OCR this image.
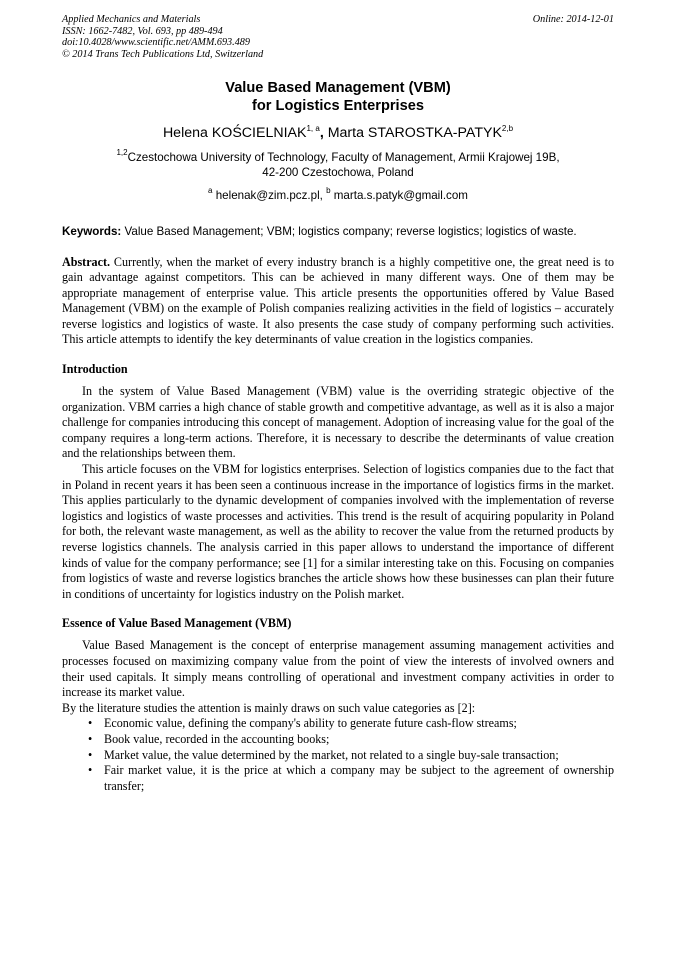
Applied Mechanics and Materials
ISSN: 1662-7482, Vol. 693, pp 489-494
doi:10.4028/www.scientific.net/AMM.693.489
© 2014 Trans Tech Publications Ltd, Switzerland
Online: 2014-12-01
Value Based Management (VBM)
for Logistics Enterprises
Helena KOŚCIELNIAK$^{1, a}$, Marta STAROSTKA-PATYK$^{2,b}$
$^{1,2}$Czestochowa University of Technology, Faculty of Management, Armii Krajowej 19B,
42-200 Czestochowa, Poland
$^a$ helenak@zim.pcz.pl, $^b$ marta.s.patyk@gmail.com
Keywords: Value Based Management; VBM; logistics company; reverse logistics; logistics of waste.
Abstract. Currently, when the market of every industry branch is a highly competitive one, the great need is to gain advantage against competitors. This can be achieved in many different ways. One of them may be appropriate management of enterprise value. This article presents the opportunities offered by Value Based Management (VBM) on the example of Polish companies realizing activities in the field of logistics – accurately reverse logistics and logistics of waste. It also presents the case study of company performing such activities. This article attempts to identify the key determinants of value creation in the logistics companies.
Introduction

In the system of Value Based Management (VBM) value is the overriding strategic objective of the organization. VBM carries a high chance of stable growth and competitive advantage, as well as it is also a major challenge for companies introducing this concept of management. Adoption of increasing value for the goal of the company requires a long-term actions. Therefore, it is necessary to describe the determinants of value creation and the relationships between them.

This article focuses on the VBM for logistics enterprises. Selection of logistics companies due to the fact that in Poland in recent years it has been seen a continuous increase in the importance of logistics firms in the market. This applies particularly to the dynamic development of companies involved with the implementation of reverse logistics and logistics of waste processes and activities. This trend is the result of acquiring popularity in Poland for both, the relevant waste management, as well as the ability to recover the value from the returned products by reverse logistics channels. The analysis carried in this paper allows to understand the importance of different kinds of value for the company performance; see [1] for a similar interesting take on this. Focusing on companies from logistics of waste and reverse logistics branches the article shows how these businesses can plan their future in conditions of uncertainty for logistics industry on the Polish market.

Essence of Value Based Management (VBM)

Value Based Management is the concept of enterprise management assuming management activities and processes focused on maximizing company value from the point of view the interests of involved owners and their used capitals. It simply means controlling of operational and investment company activities in order to increase its market value.

By the literature studies the attention is mainly draws on such value categories as [2]:

• Economic value, defining the company's ability to generate future cash-flow streams;
• Book value, recorded in the accounting books;
• Market value, the value determined by the market, not related to a single buy-sale transaction;
• Fair market value, it is the price at which a company may be subject to the agreement of ownership transfer;
